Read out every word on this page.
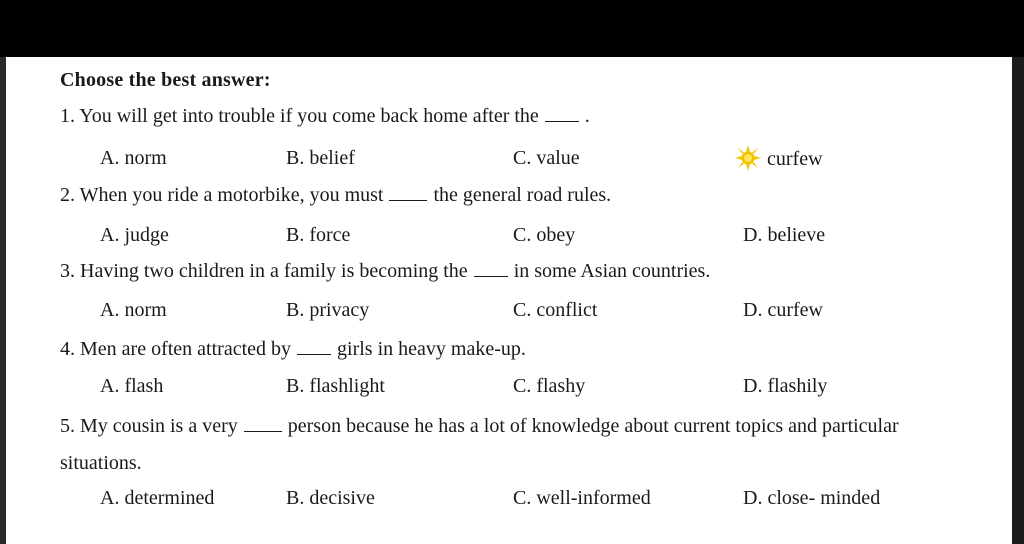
Choose the best answer:
1. You will get into trouble if you come back home after the .
A. norm	B. belief	C. value	curfew
2. When you ride a motorbike, you must	the general road rules.
A. judge	B. force	C. obey	D. believe
3. Having two children in a family is becoming the in some Asian countries.
A. norm	B. privacy	C. conflict	D. curfew
4. Men are often attracted by girls in heavy make-up.
A. flash	B. flashlight	C. flashy	D. flashily
5. My cousin is a very	person because he has a lot of knowledge about current topics and particular situations.
A. determined	B. decisive	C. well-informed	D. close- minded
